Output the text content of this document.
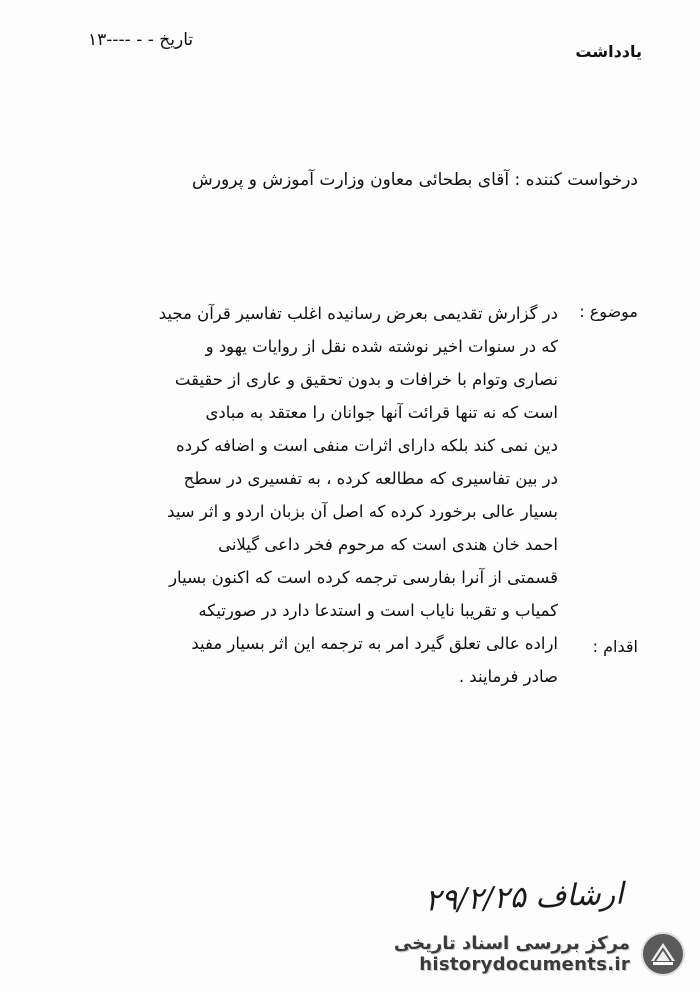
یادداشت
تاریخ - - ----۱۳
درخواست کننده : آقای بطحائی معاون وزارت آموزش و پرورش
موضوع :
اقدام :
در گزارش تقدیمی بعرض رسانیده اغلب تفاسیر قرآن مجید
که در سنوات اخیر نوشته شده نقل از روایات یهود و
نصاری وتوام با خرافات و بدون تحقیق و عاری از حقیقت
است که نه تنها قرائت آنها جوانان را معتقد به مبادی
دین نمی کند بلکه دارای اثرات منفی است و اضافه کرده
در بین تفاسیری که مطالعه کرده ، به تفسیری در سطح
بسیار عالی برخورد کرده که اصل آن بزبان اردو و اثر سید
احمد خان هندی است که مرحوم فخر داعی گیلانی
قسمتی از آنرا بفارسی ترجمه کرده است که اکنون بسیار
کمیاب و تقریبا نایاب است و استدعا دارد در صورتیکه
اراده عالی تعلق گیرد امر به ترجمه این اثر بسیار مفید
صادر فرمایند .
ارشاف ۲۹/۲/۲۵
مرکز بررسی اسناد تاریخی
historydocuments.ir
